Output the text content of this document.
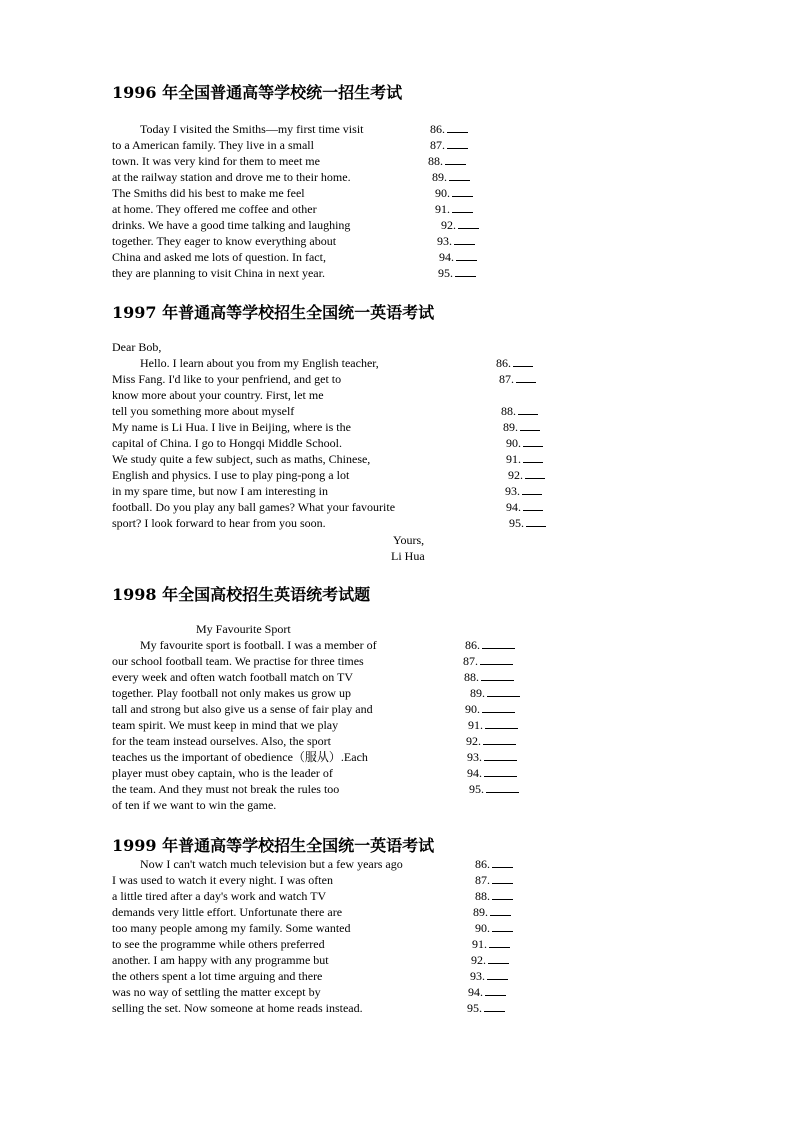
1996 年全国普通高等学校统一招生考试
Today I visited the Smiths—my first time visit	86.
to a American family. They live in a small	87.
town. It was very kind for them to meet me	88.
at the railway station and drove me to their home.	89.
The Smiths did his best to make me feel	90.
at home. They offered me coffee and other	91.
drinks. We have a good time talking and laughing	92.
together. They eager to know everything about	93.
China and asked me lots of question. In fact,	94.
they are planning to visit China in next year.	95.
1997 年普通高等学校招生全国统一英语考试
Dear Bob,
Hello. I learn about you from my English teacher,	86.
Miss Fang. I'd like to your penfriend, and get to	87.
know more about your country. First, let me
tell you something more about myself	88.
My name is Li Hua. I live in Beijing, where is the	89.
capital of China. I go to Hongqi Middle School.	90.
We study quite a few subject, such as maths, Chinese,	91.
English and physics. I use to play ping-pong a lot	92.
in my spare time, but now I am interesting in	93.
football. Do you play any ball games? What your favourite	94.
sport? I look forward to hear from you soon.	95.
Yours,
Li Hua
1998 年全国高校招生英语统考试题
My Favourite Sport
My favourite sport is football. I was a member of	86.
our school football team. We practise for three times	87.
every week and often watch football match on TV	88.
together. Play football not only makes us grow up	89.
tall and strong but also give us a sense of fair play and	90.
team spirit. We must keep in mind that we play	91.
for the team instead ourselves. Also, the sport	92.
teaches us the important of obedience（服从）.Each	93.
player must obey captain, who is the leader of	94.
the team. And they must not break the rules too	95.
of ten if we want to win the game.
1999 年普通高等学校招生全国统一英语考试
Now I can't watch much television but a few years ago	86.
I was used to watch it every night. I was often	87.
a little tired after a day's work and watch TV	88.
demands very little effort. Unfortunate there are	89.
too many people among my family. Some wanted	90.
to see the programme while others preferred	91.
another. I am happy with any programme but	92.
the others spent a lot time arguing and there	93.
was no way of settling the matter except by	94.
selling the set. Now someone at home reads instead.	95.
